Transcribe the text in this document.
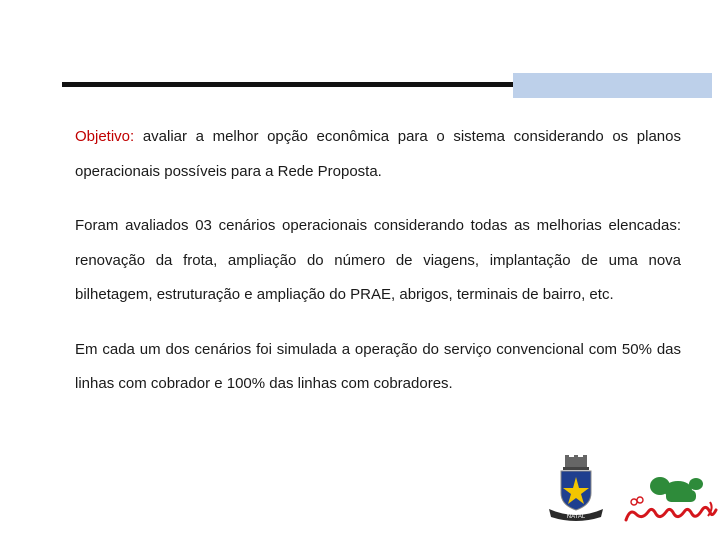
Objetivo: avaliar a melhor opção econômica para o sistema considerando os planos operacionais possíveis para a Rede Proposta.

Foram avaliados 03 cenários operacionais considerando todas as melhorias elencadas: renovação da frota, ampliação do número de viagens, implantação de uma nova bilhetagem, estruturação e ampliação do PRAE, abrigos, terminais de bairro, etc.

Em cada um dos cenários foi simulada a operação do serviço convencional com 50% das linhas com cobrador e 100% das linhas com cobradores.

NATAL
